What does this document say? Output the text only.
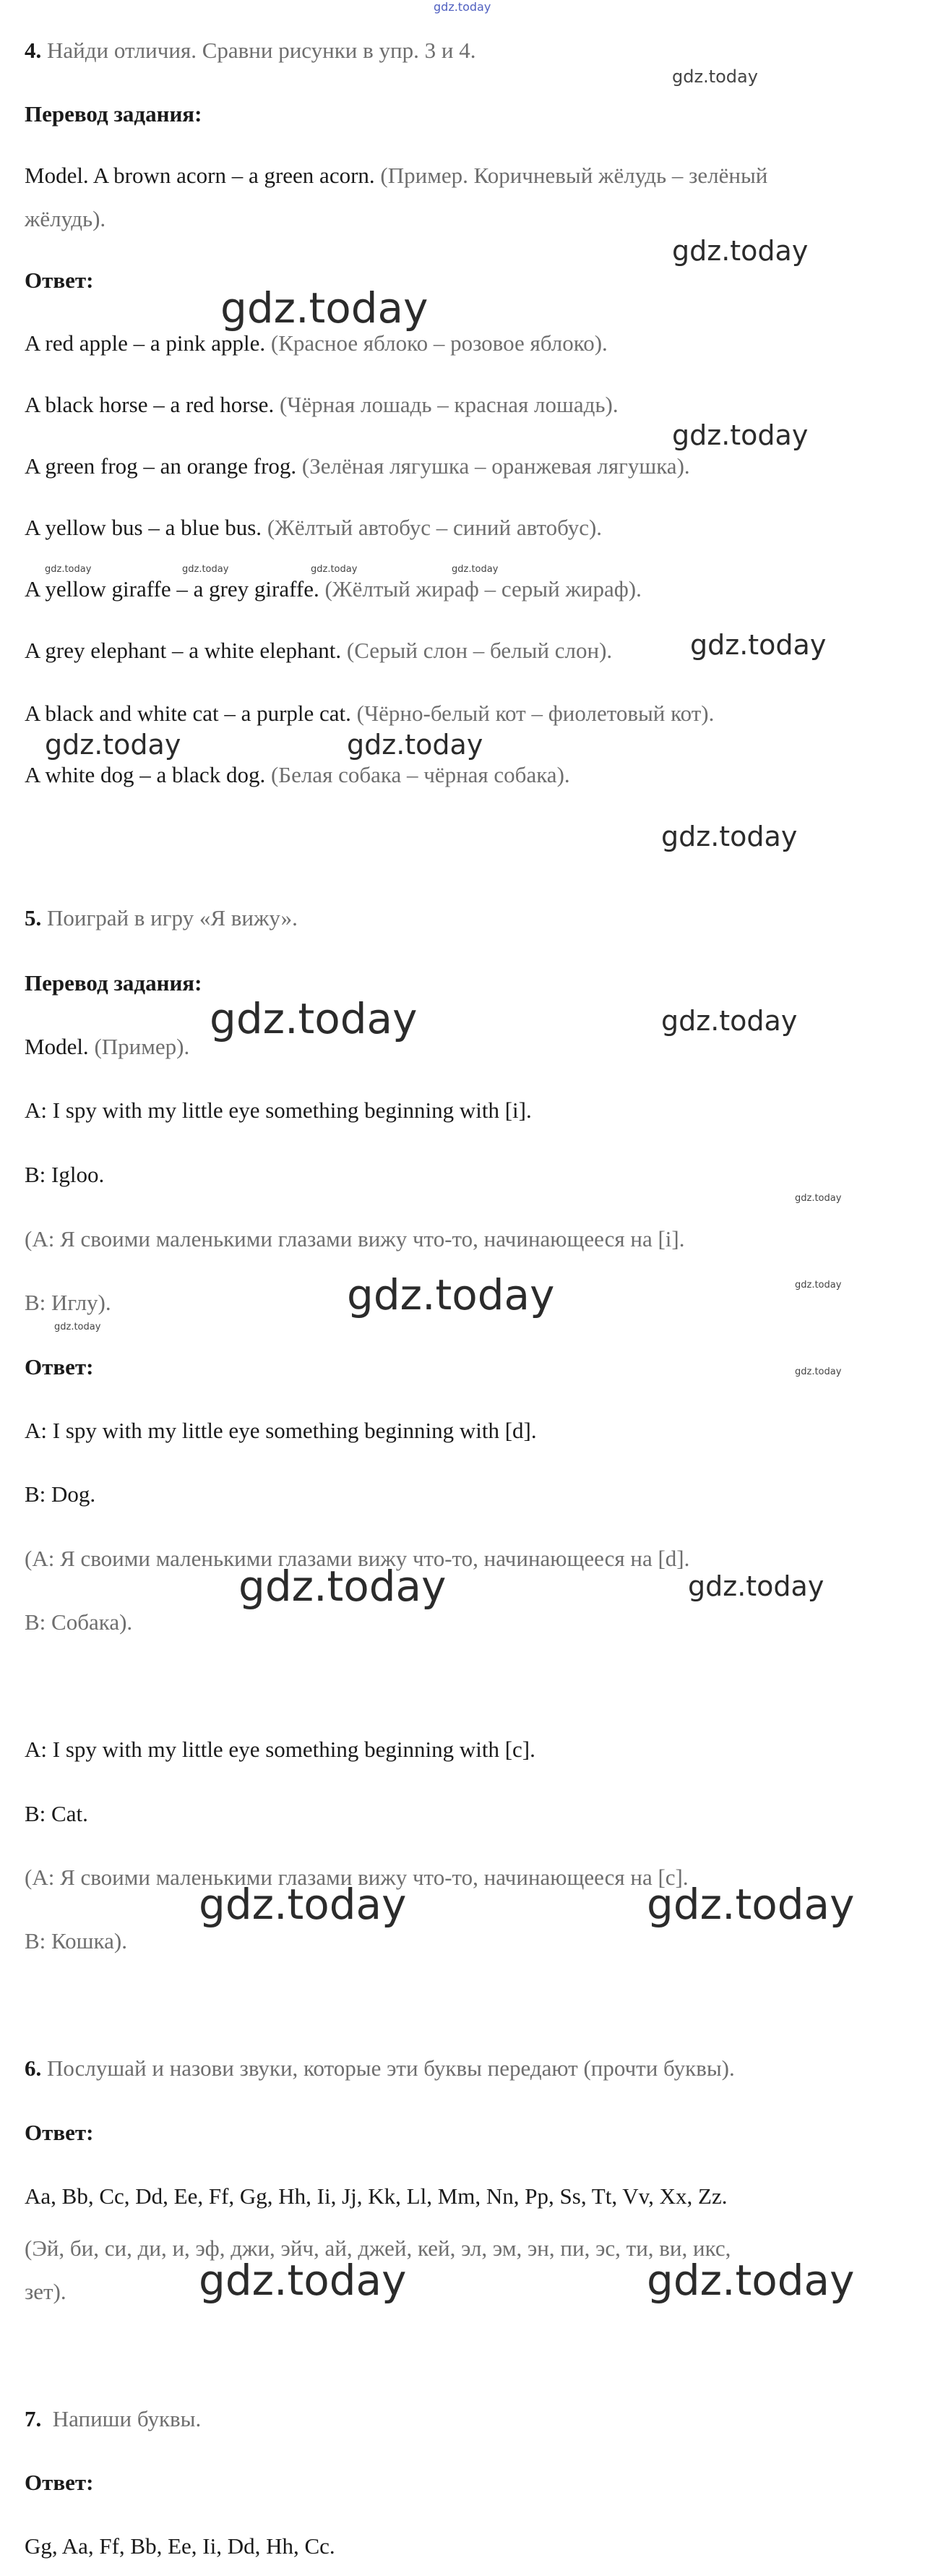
4. Найди отличия. Сравни рисунки в упр. 3 и 4.
Перевод задания:
Model. A brown acorn – a green acorn. (Пример. Коричневый жёлудь – зелёный
жёлудь).
Ответ:
A red apple – a pink apple. (Красное яблоко – розовое яблоко).
A black horse – a red horse. (Чёрная лошадь – красная лошадь).
A green frog – an orange frog. (Зелёная лягушка – оранжевая лягушка).
A yellow bus – a blue bus. (Жёлтый автобус – синий автобус).
A yellow giraffe – a grey giraffe. (Жёлтый жираф – серый жираф).
A grey elephant – a white elephant. (Серый слон – белый слон).
A black and white cat – a purple cat. (Чёрно-белый кот – фиолетовый кот).
A white dog – a black dog. (Белая собака – чёрная собака).
5. Поиграй в игру «Я вижу».
Перевод задания:
Model. (Пример).
A: I spy with my little eye something beginning with [i].
B: Igloo.
(А: Я своими маленькими глазами вижу что-то, начинающееся на [i].
В: Иглу).
Ответ:
A: I spy with my little eye something beginning with [d].
B: Dog.
(А: Я своими маленькими глазами вижу что-то, начинающееся на [d].
В: Собака).
A: I spy with my little eye something beginning with [c].
B: Cat.
(А: Я своими маленькими глазами вижу что-то, начинающееся на [c].
В: Кошка).
6. Послушай и назови звуки, которые эти буквы передают (прочти буквы).
Ответ:
Aa, Bb, Cc, Dd, Ee, Ff, Gg, Hh, Ii, Jj, Kk, Ll, Mm, Nn, Pp, Ss, Tt, Vv, Xx, Zz.
(Эй, би, си, ди, и, эф, джи, эйч, ай, джей, кей, эл, эм, эн, пи, эс, ти, ви, икс,
зет).
7. Напиши буквы.
Ответ:
Gg, Aa, Ff, Bb, Ee, Ii, Dd, Hh, Cc.
gdz.today
gdz.today
gdz.today
gdz.today
gdz.today
gdz.today	gdz.today	gdz.today	gdz.today
gdz.today
gdz.today	gdz.today
gdz.today
gdz.today	gdz.today
gdz.today
gdz.today	gdz.today
gdz.today
gdz.today
gdz.today	gdz.today
gdz.today	gdz.today
gdz.today	gdz.today
